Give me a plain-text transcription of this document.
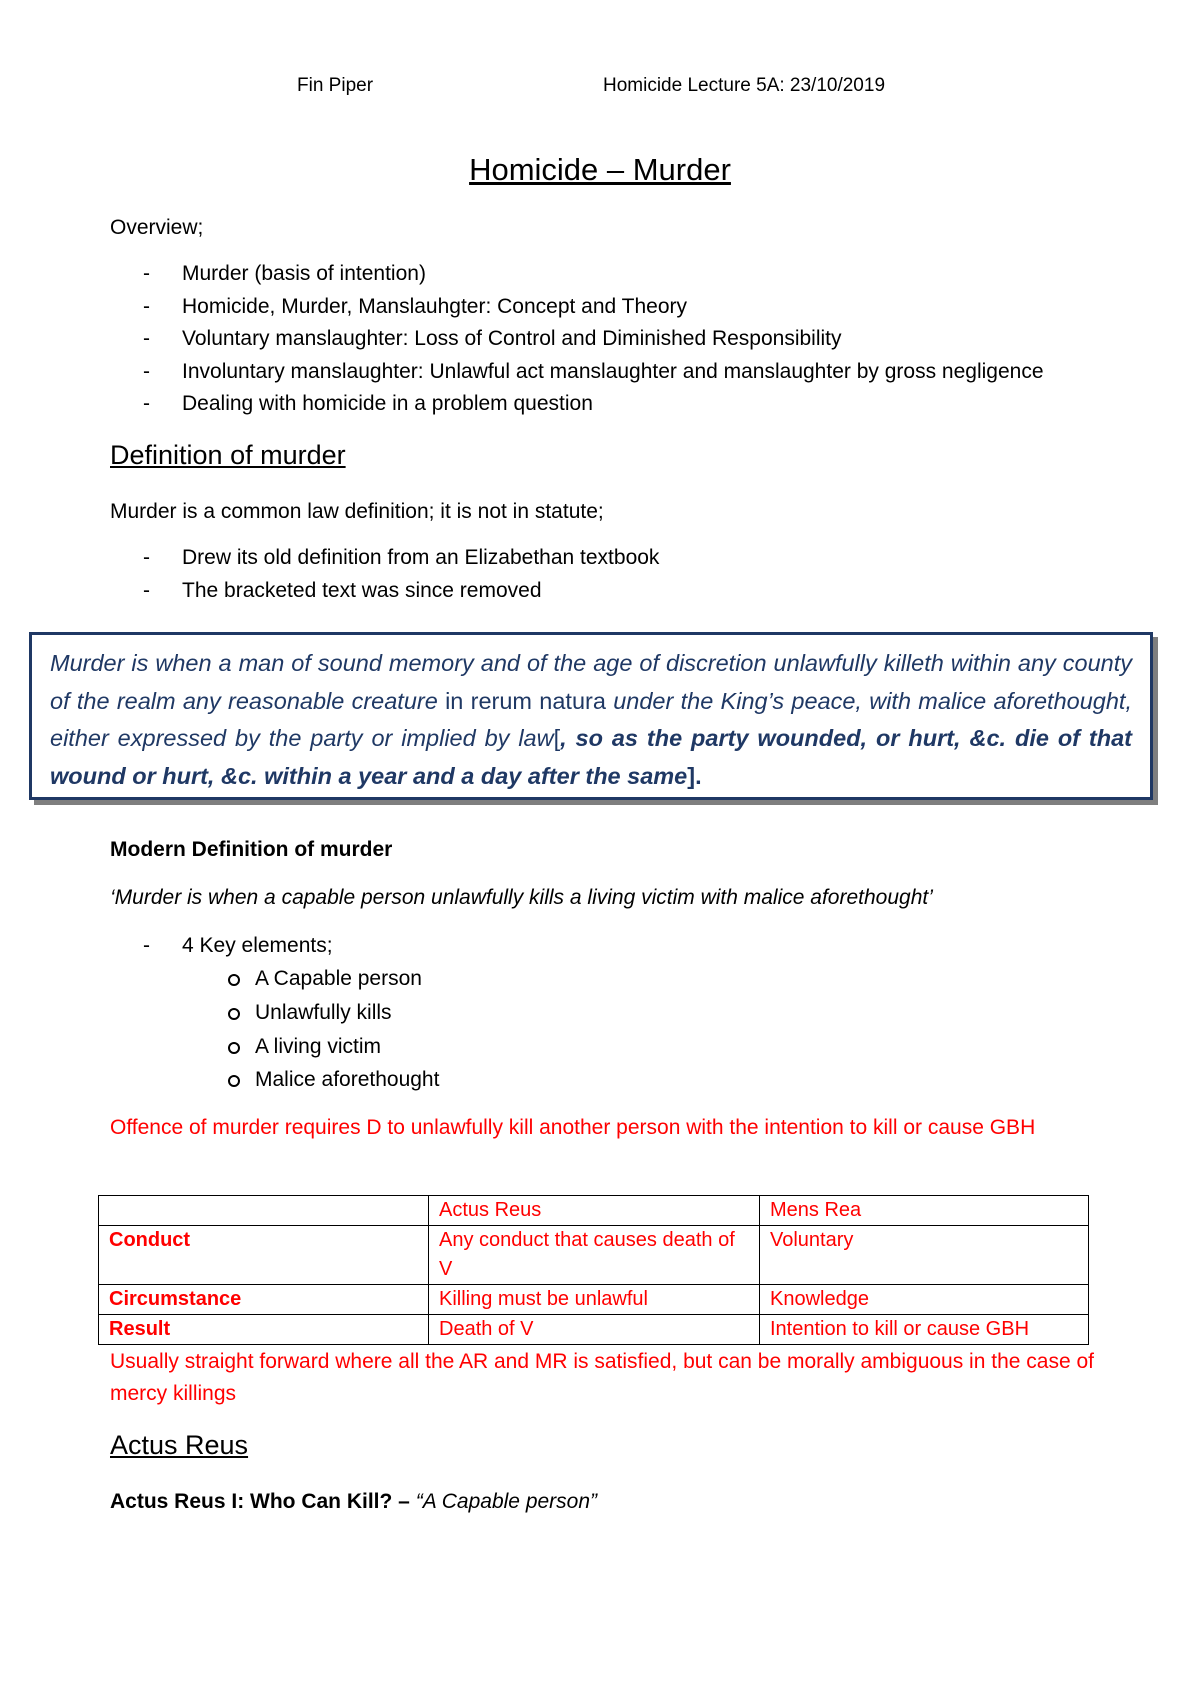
Fin Piper	Homicide Lecture 5A: 23/10/2019
Homicide – Murder
Overview;
- Murder (basis of intention)
- Homicide, Murder, Manslauhgter: Concept and Theory
- Voluntary manslaughter: Loss of Control and Diminished Responsibility
- Involuntary manslaughter: Unlawful act manslaughter and manslaughter by gross negligence
- Dealing with homicide in a problem question
Definition of murder
Murder is a common law definition; it is not in statute;
- Drew its old definition from an Elizabethan textbook
- The bracketed text was since removed
Murder is when a man of sound memory and of the age of discretion unlawfully killeth within any county of the realm any reasonable creature in rerum natura under the King’s peace, with malice aforethought, either expressed by the party or implied by law[, so as the party wounded, or hurt, &c. die of that wound or hurt, &c. within a year and a day after the same].
Modern Definition of murder
‘Murder is when a capable person unlawfully kills a living victim with malice aforethought’
- 4 Key elements;
A Capable person
Unlawfully kills
A living victim
Malice aforethought
Offence of murder requires D to unlawfully kill another person with the intention to kill or cause GBH
	Actus Reus	Mens Rea
Conduct	Any conduct that causes death of V	Voluntary
Circumstance	Killing must be unlawful	Knowledge
Result	Death of V	Intention to kill or cause GBH
Usually straight forward where all the AR and MR is satisfied, but can be morally ambiguous in the case of mercy killings
Actus Reus
Actus Reus I: Who Can Kill? – “A Capable person”
